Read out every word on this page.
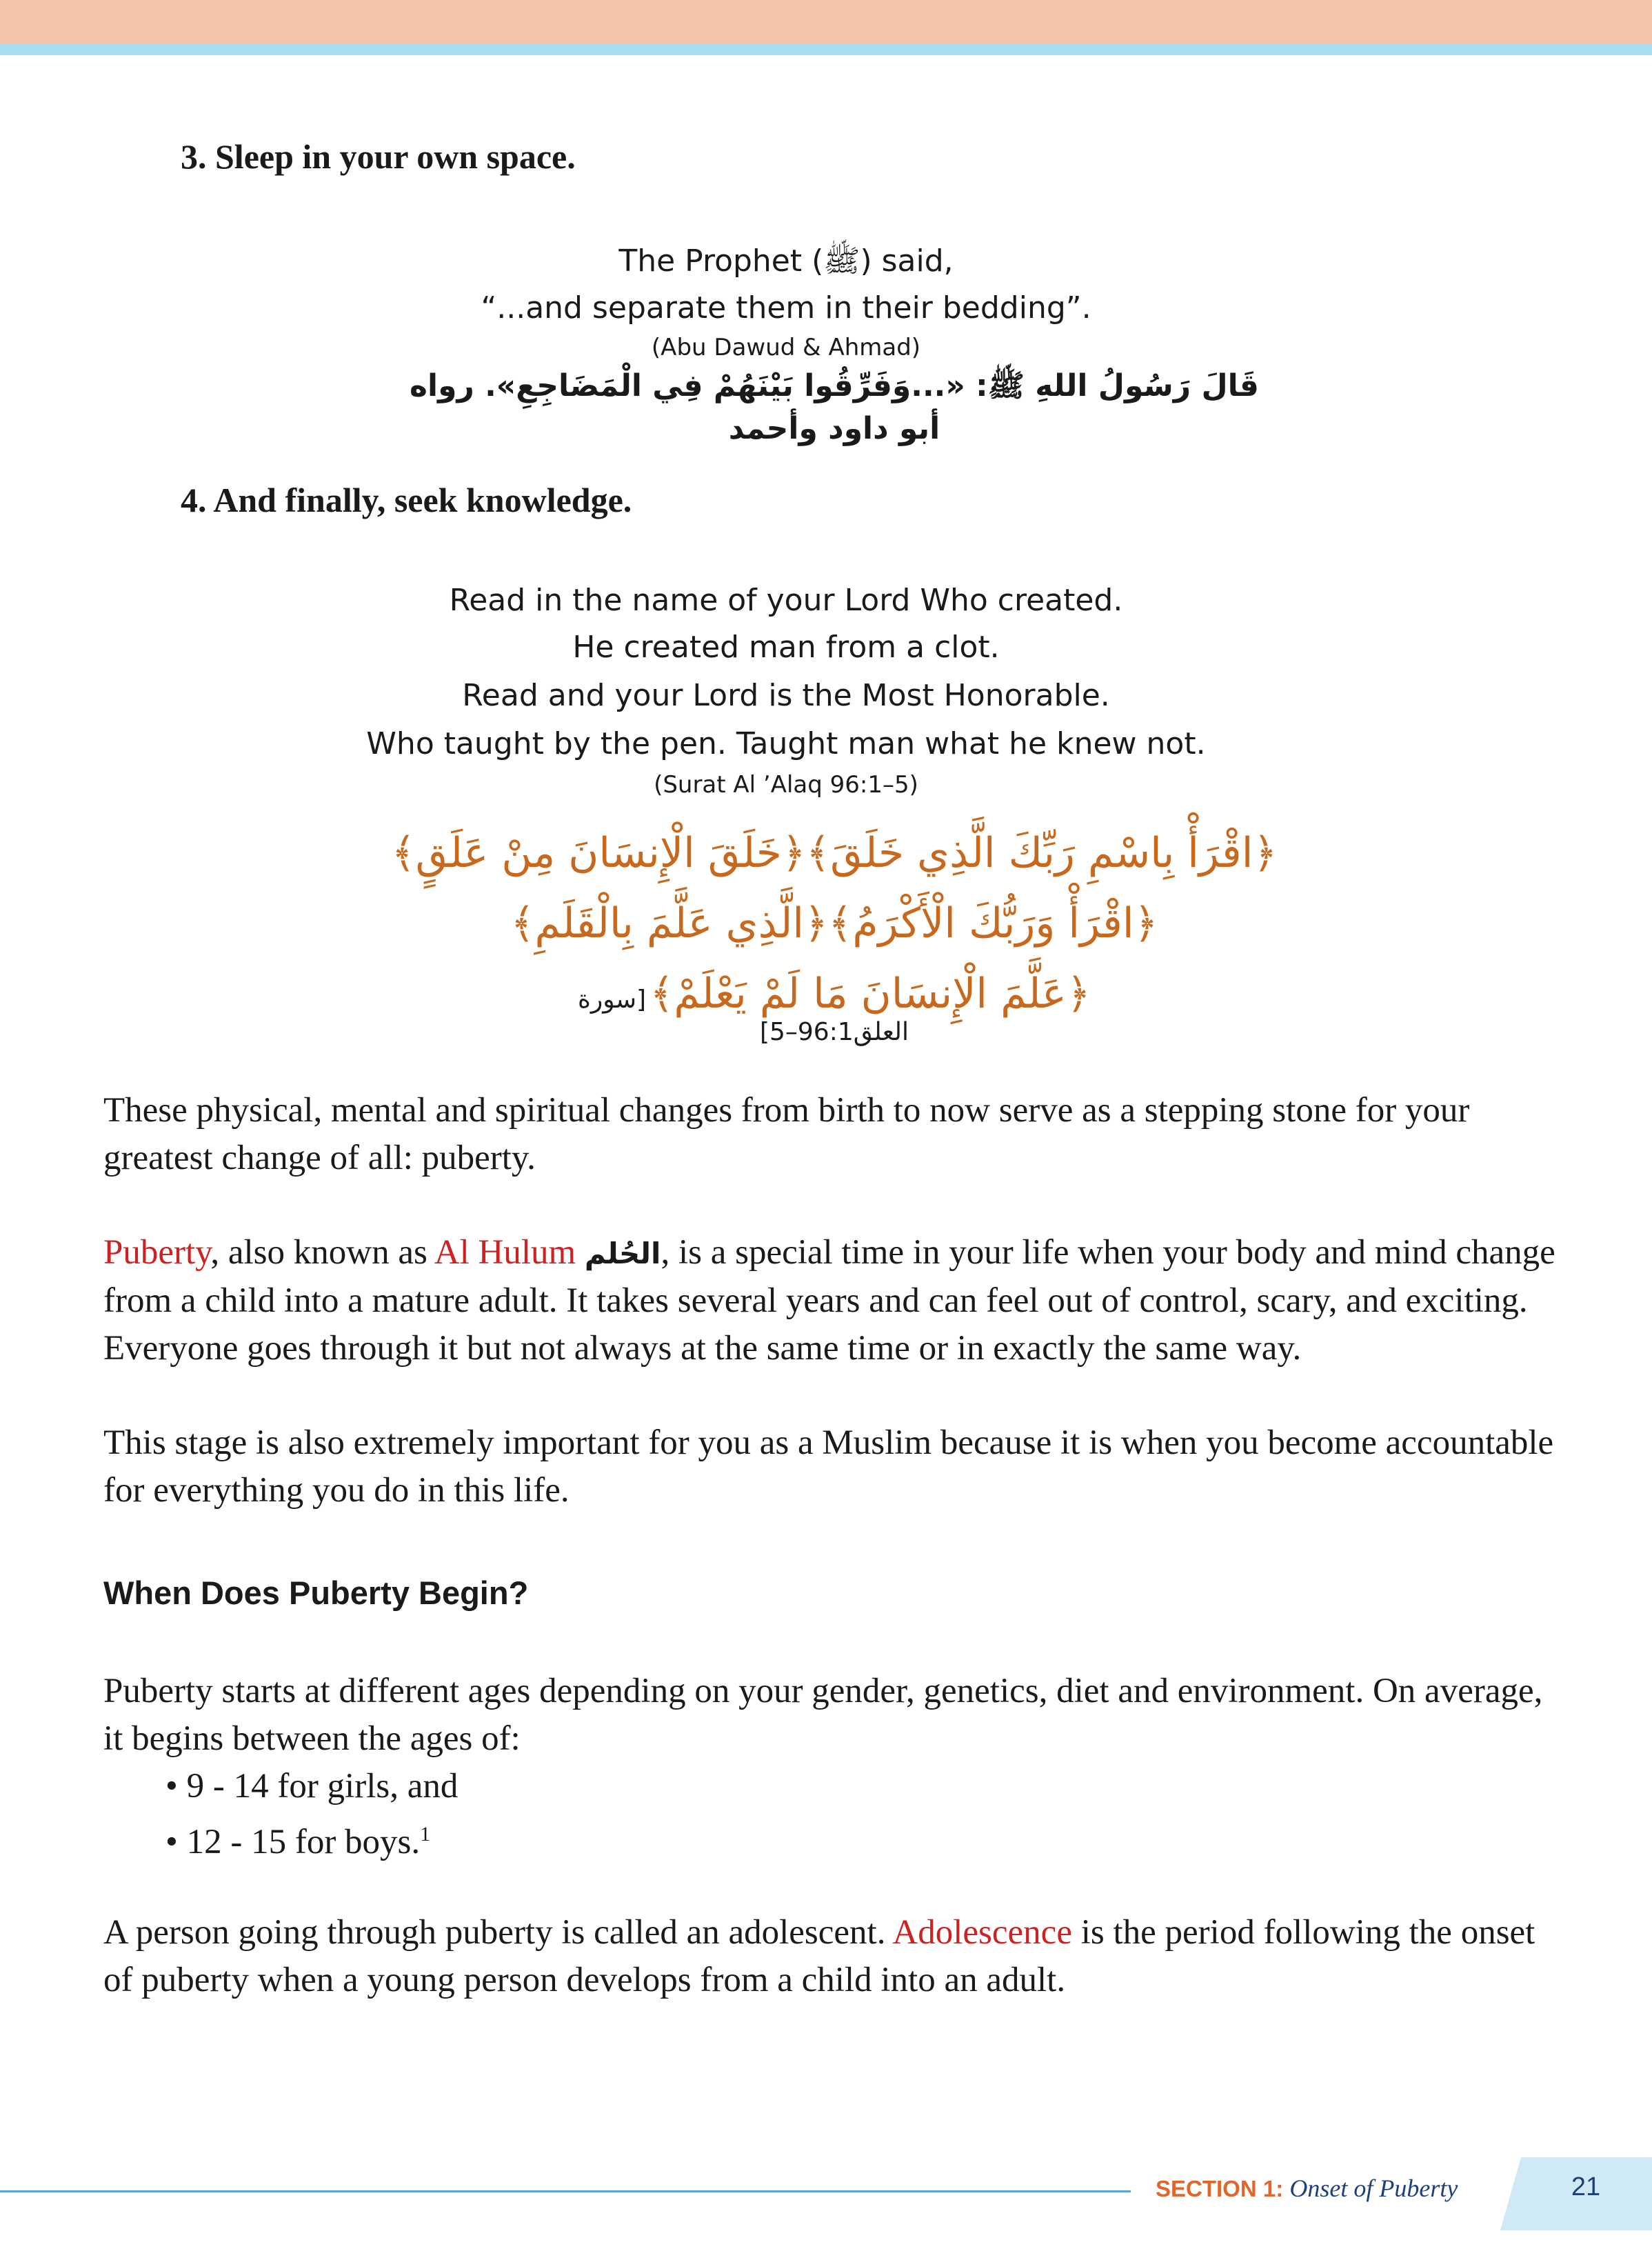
3. Sleep in your own space.
The Prophet (ﷺ) said,
“...and separate them in their bedding”.
(Abu Dawud & Ahmad)
قَالَ رَسُولُ اللهِ ﷺ: «...وَفَرِّقُوا بَيْنَهُمْ فِي الْمَضَاجِعِ». رواه أبو داود وأحمد
4. And finally, seek knowledge.
Read in the name of your Lord Who created.
He created man from a clot.
Read and your Lord is the Most Honorable.
Who taught by the pen. Taught man what he knew not.
(Surat Al ’Alaq 96:1–5)
﴿اقْرَأْ بِاسْمِ رَبِّكَ الَّذِي خَلَقَ﴾﴿خَلَقَ الْإِنسَانَ مِنْ عَلَقٍ﴾
﴿اقْرَأْ وَرَبُّكَ الْأَكْرَمُ﴾﴿الَّذِي عَلَّمَ بِالْقَلَمِ﴾
﴿عَلَّمَ الْإِنسَانَ مَا لَمْ يَعْلَمْ﴾ [سورة العلق96:1–5]

These physical, mental and spiritual changes from birth to now serve as a stepping stone for your greatest change of all: puberty.

Puberty, also known as Al Hulum الحُلم, is a special time in your life when your body and mind change from a child into a mature adult. It takes several years and can feel out of control, scary, and exciting. Everyone goes through it but not always at the same time or in exactly the same way.

This stage is also extremely important for you as a Muslim because it is when you become accountable for everything you do in this life.

When Does Puberty Begin?

Puberty starts at different ages depending on your gender, genetics, diet and environment. On average, it begins between the ages of:

• 9 - 14 for girls, and
• 12 - 15 for boys.$^1$

A person going through puberty is called an adolescent. Adolescence is the period following the onset of puberty when a young person develops from a child into an adult.

SECTION 1: Onset of Puberty	21
